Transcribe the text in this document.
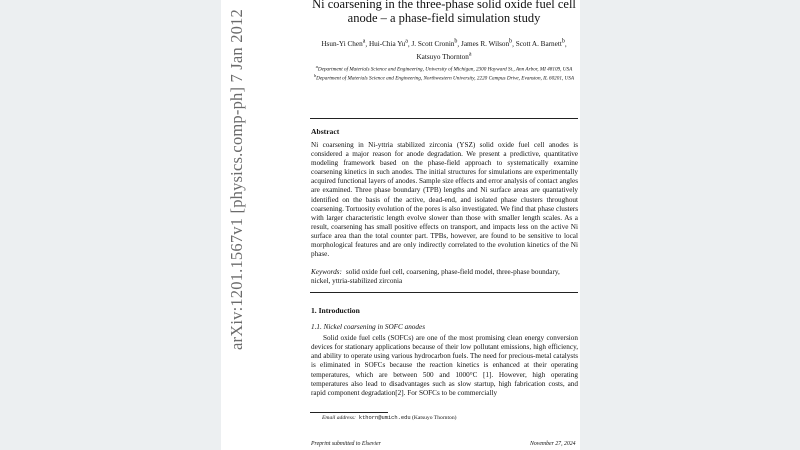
arXiv:1201.1567v1 [physics.comp-ph] 7 Jan 2012
Ni coarsening in the three-phase solid oxide fuel cell anode – a phase-field simulation study
Hsun-Yi Chen$^a$, Hui-Chia Yu$^a$, J. Scott Cronin$^b$, James R. Wilson$^b$, Scott A. Barnett$^b$, Katsuyo Thornton$^a$
$^a$Department of Materials Science and Engineering, University of Michigan, 2300 Hayward St., Ann Arbor, MI 48109, USA
$^b$Department of Materials Science and Engineering, Northwestern University, 2220 Campus Drive, Evanston, IL 60201, USA
Abstract
Ni coarsening in Ni-yttria stabilized zirconia (YSZ) solid oxide fuel cell anodes is considered a major reason for anode degradation. We present a predictive, quantitative modeling framework based on the phase-field approach to systematically examine coarsening kinetics in such anodes. The initial structures for simulations are experimentally acquired functional layers of anodes. Sample size effects and error analysis of contact angles are examined. Three phase boundary (TPB) lengths and Ni surface areas are quantatively identified on the basis of the active, dead-end, and isolated phase clusters throughout coarsening. Tortuosity evolution of the pores is also investigated. We find that phase clusters with larger characteristic length evolve slower than those with smaller length scales. As a result, coarsening has small positive effects on transport, and impacts less on the active Ni surface area than the total counter part. TPBs, however, are found to be sensitive to local morphological features and are only indirectly correlated to the evolution kinetics of the Ni phase.
Keywords: solid oxide fuel cell, coarsening, phase-field model, three-phase boundary, nickel, yttria-stabilized zirconia
1. Introduction
1.1. Nickel coarsening in SOFC anodes
Solid oxide fuel cells (SOFCs) are one of the most promising clean energy conversion devices for stationary applications because of their low pollutant emissions, high efficiency, and ability to operate using various hydrocarbon fuels. The need for precious-metal catalysts is eliminated in SOFCs because the reaction kinetics is enhanced at their operating temperatures, which are between 500 and 1000°C [1]. However, high operating temperatures also lead to disadvantages such as slow startup, high fabrication costs, and rapid component degradation[2]. For SOFCs to be commercially
Email address: kthorn@umich.edu (Katsuyo Thornton)
Preprint submitted to Elsevier	November 27, 2024
